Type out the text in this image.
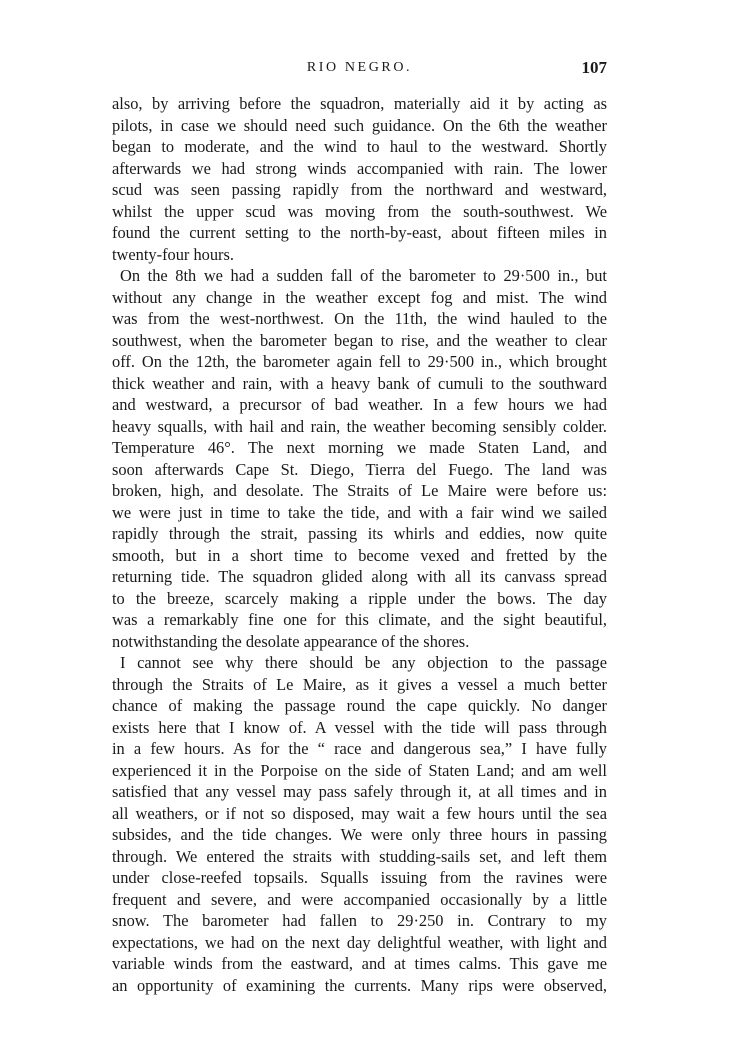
RIO NEGRO.	107
also, by arriving before the squadron, materially aid it by acting as
pilots, in case we should need such guidance. On the 6th the weather
began to moderate, and the wind to haul to the westward. Shortly
afterwards we had strong winds accompanied with rain. The lower
scud was seen passing rapidly from the northward and westward,
whilst the upper scud was moving from the south-southwest. We
found the current setting to the north-by-east, about fifteen miles in
twenty-four hours.
On the 8th we had a sudden fall of the barometer to 29·500 in., but
without any change in the weather except fog and mist. The wind
was from the west-northwest. On the 11th, the wind hauled to the
southwest, when the barometer began to rise, and the weather to clear
off. On the 12th, the barometer again fell to 29·500 in., which brought
thick weather and rain, with a heavy bank of cumuli to the southward
and westward, a precursor of bad weather. In a few hours we had
heavy squalls, with hail and rain, the weather becoming sensibly colder.
Temperature 46°. The next morning we made Staten Land, and
soon afterwards Cape St. Diego, Tierra del Fuego. The land was
broken, high, and desolate. The Straits of Le Maire were before us:
we were just in time to take the tide, and with a fair wind we sailed
rapidly through the strait, passing its whirls and eddies, now quite
smooth, but in a short time to become vexed and fretted by the
returning tide. The squadron glided along with all its canvass spread
to the breeze, scarcely making a ripple under the bows. The day
was a remarkably fine one for this climate, and the sight beautiful,
notwithstanding the desolate appearance of the shores.
I cannot see why there should be any objection to the passage
through the Straits of Le Maire, as it gives a vessel a much better
chance of making the passage round the cape quickly. No danger
exists here that I know of. A vessel with the tide will pass through
in a few hours. As for the “ race and dangerous sea,” I have fully
experienced it in the Porpoise on the side of Staten Land; and am well
satisfied that any vessel may pass safely through it, at all times and in
all weathers, or if not so disposed, may wait a few hours until the sea
subsides, and the tide changes. We were only three hours in passing
through. We entered the straits with studding-sails set, and left them
under close-reefed topsails. Squalls issuing from the ravines were
frequent and severe, and were accompanied occasionally by a little
snow. The barometer had fallen to 29·250 in. Contrary to my
expectations, we had on the next day delightful weather, with light and
variable winds from the eastward, and at times calms. This gave me
an opportunity of examining the currents. Many rips were observed,
